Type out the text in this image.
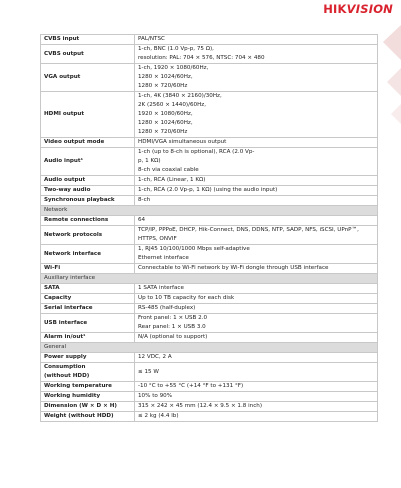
HIK VISION
CVBS input	PAL/NTSC

CVBS output	1-ch, BNC (1.0 Vp-p, 75 Ω),
resolution: PAL: 704 × 576, NTSC: 704 × 480

VGA output	1-ch, 1920 × 1080/60Hz,
1280 × 1024/60Hz,
1280 × 720/60Hz

HDMI output	1-ch, 4K (3840 × 2160)/30Hz,
2K (2560 × 1440)/60Hz,
1920 × 1080/60Hz,
1280 × 1024/60Hz,
1280 × 720/60Hz

Video output mode	HDMI/VGA simultaneous output

Audio input¹	1-ch (up to 8-ch is optional), RCA (2.0 Vp-
p, 1 KΩ)
8-ch via coaxial cable

Audio output	1-ch, RCA (Linear, 1 KΩ)

Two-way audio	1-ch, RCA (2.0 Vp-p, 1 KΩ) (using the audio input)

Synchronous playback	8-ch

Network	
Remote connections	64

Network protocols	TCP/IP, PPPoE, DHCP, Hik-Connect, DNS, DDNS, NTP, SADP, NFS, iSCSI, UPnP™,
HTTPS, ONVIF

Network interface	1, RJ45 10/100/1000 Mbps self-adaptive
Ethernet interface

Wi-Fi	Connectable to Wi-Fi network by Wi-Fi dongle through USB interface

Auxiliary interface	
SATA	1 SATA interface

Capacity	Up to 10 TB capacity for each disk

Serial interface	RS-485 (half-duplex)

USB interface	Front panel: 1 × USB 2.0
Rear panel: 1 × USB 3.0

Alarm in/out¹	N/A (optional to support)

General	
Power supply	12 VDC, 2 A

Consumption
(without HDD)	≤ 15 W

Working temperature	-10 °C to +55 °C (+14 °F to +131 °F)

Working humidity	10% to 90%

Dimension (W × D × H)	315 × 242 × 45 mm (12.4 × 9.5 × 1.8 inch)

Weight (without HDD)	≤ 2 kg (4.4 lb)
